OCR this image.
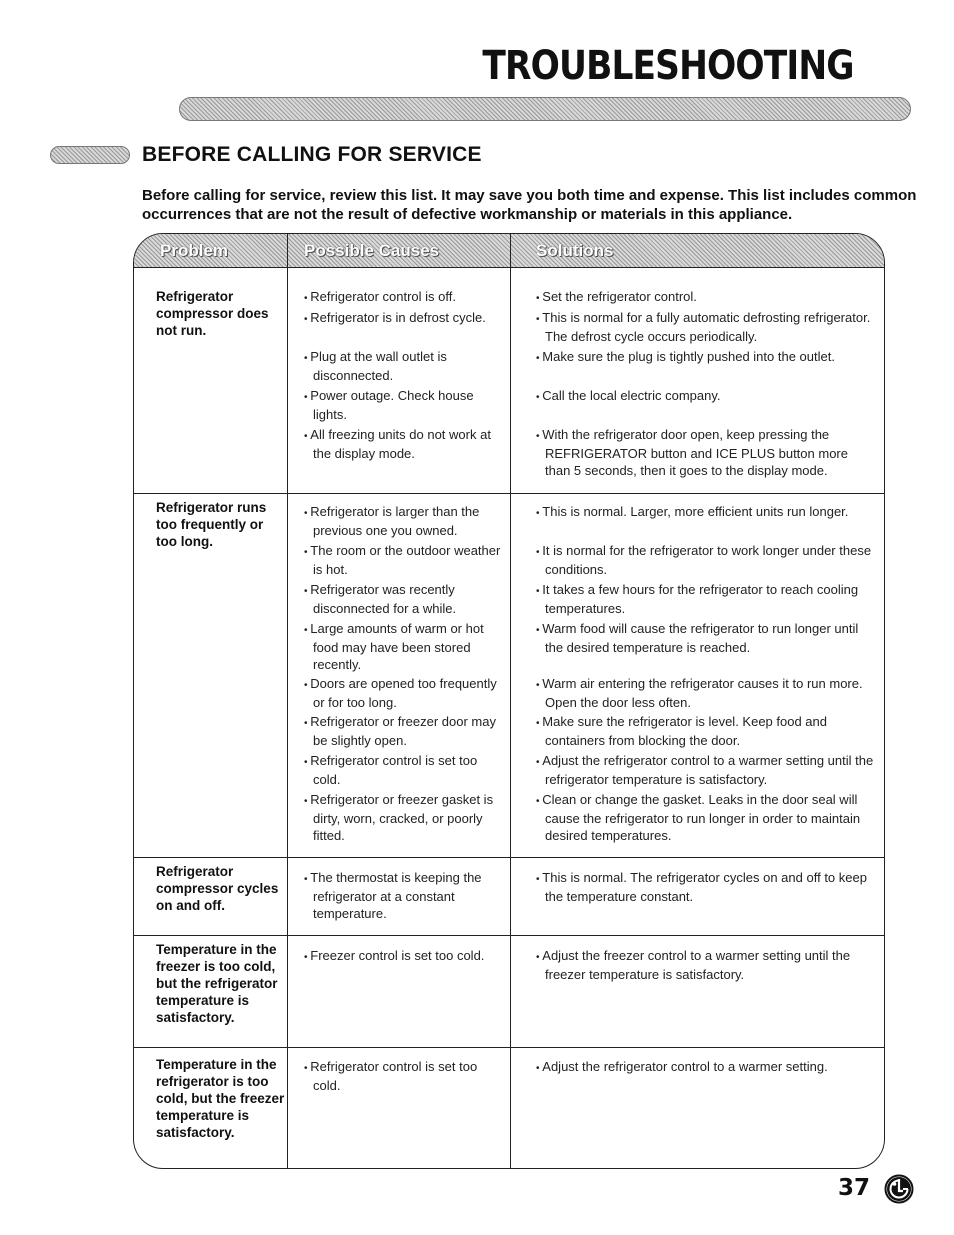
TROUBLESHOOTING
BEFORE CALLING FOR SERVICE

Before calling for service, review this list. It may save you both time and expense. This list includes common occurrences that are not the result of defective workmanship or materials in this appliance.

Problem	Possible Causes	Solutions
Refrigerator compressor does not run.
• Refrigerator control is off.
• Refrigerator is in defrost cycle.
• Plug at the wall outlet is disconnected.
• Power outage. Check house lights.
• All freezing units do not work at the display mode.
• Set the refrigerator control.
• This is normal for a fully automatic defrosting refrigerator. The defrost cycle occurs periodically.
• Make sure the plug is tightly pushed into the outlet.
• Call the local electric company.
• With the refrigerator door open, keep pressing the REFRIGERATOR button and ICE PLUS button more than 5 seconds, then it goes to the display mode.
Refrigerator runs too frequently or too long.
• Refrigerator is larger than the previous one you owned.
• The room or the outdoor weather is hot.
• Refrigerator was recently disconnected for a while.
• Large amounts of warm or hot food may have been stored recently.
• Doors are opened too frequently or for too long.
• Refrigerator or freezer door may be slightly open.
• Refrigerator control is set too cold.
• Refrigerator or freezer gasket is dirty, worn, cracked, or poorly fitted.
• This is normal. Larger, more efficient units run longer.
• It is normal for the refrigerator to work longer under these conditions.
• It takes a few hours for the refrigerator to reach cooling temperatures.
• Warm food will cause the refrigerator to run longer until the desired temperature is reached.
• Warm air entering the refrigerator causes it to run more. Open the door less often.
• Make sure the refrigerator is level. Keep food and containers from blocking the door.
• Adjust the refrigerator control to a warmer setting until the refrigerator temperature is satisfactory.
• Clean or change the gasket. Leaks in the door seal will cause the refrigerator to run longer in order to maintain desired temperatures.
Refrigerator compressor cycles on and off.
• The thermostat is keeping the refrigerator at a constant temperature.
• This is normal. The refrigerator cycles on and off to keep the temperature constant.
Temperature in the freezer is too cold, but the refrigerator temperature is satisfactory.
• Freezer control is set too cold.
•	Adjust the freezer control to a warmer setting until the freezer temperature is satisfactory.
Temperature in the refrigerator is too cold, but the freezer temperature is satisfactory.
• Refrigerator control is set too cold.
• Adjust the refrigerator control to a warmer setting.
37
